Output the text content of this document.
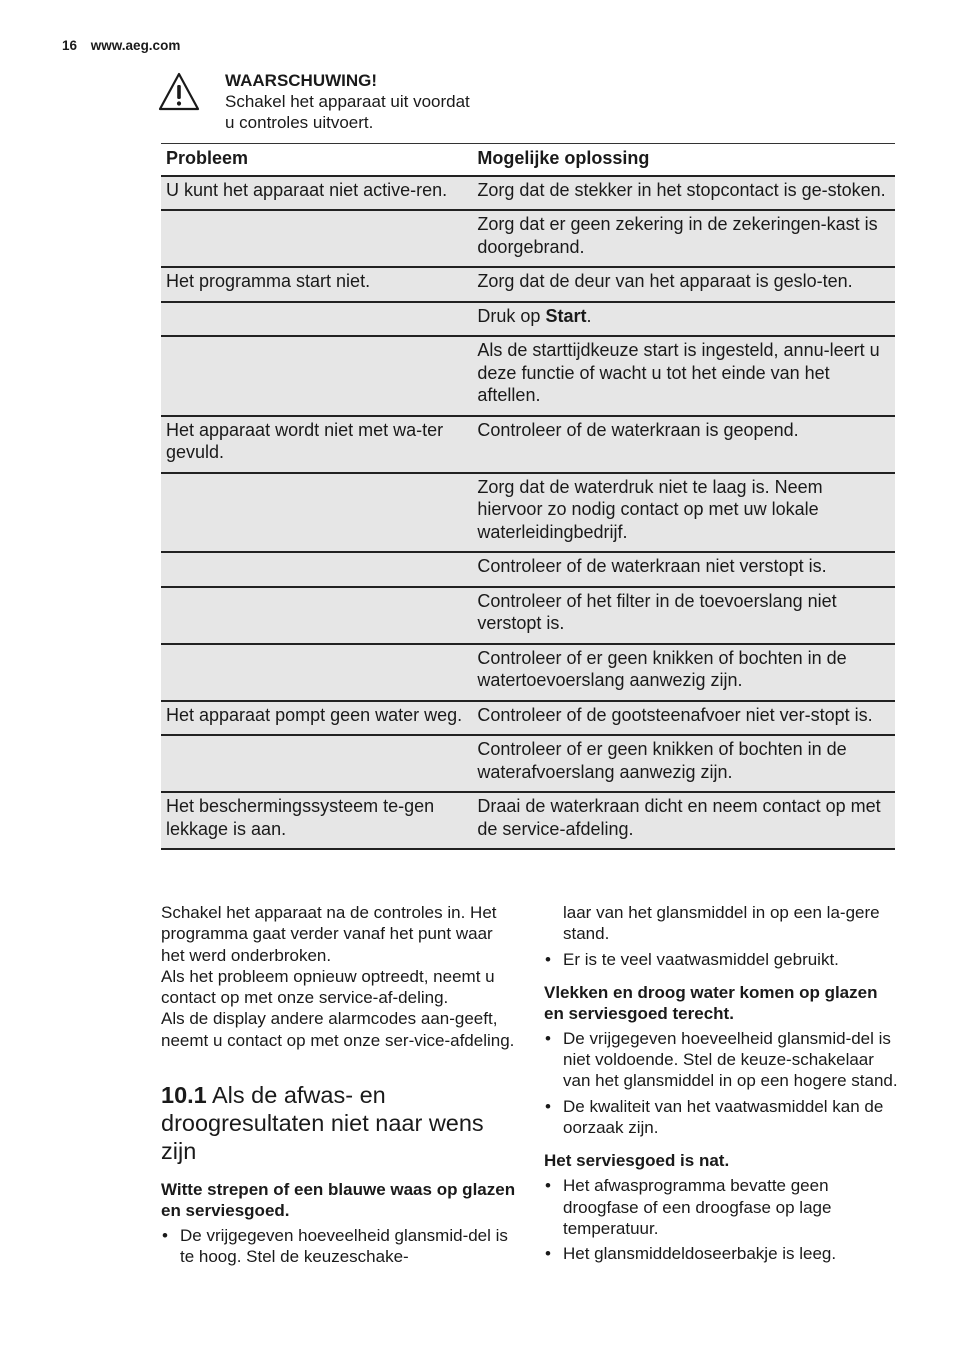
16 www.aeg.com
WAARSCHUWING!
Schakel het apparaat uit voordat
u controles uitvoert.
Probleem	Mogelijke oplossing
U kunt het apparaat niet active-ren.	Zorg dat de stekker in het stopcontact is ge-stoken.
	Zorg dat er geen zekering in de zekeringen-kast is doorgebrand.
Het programma start niet.	Zorg dat de deur van het apparaat is geslo-ten.
	Druk op Start.
	Als de starttijdkeuze start is ingesteld, annu-leert u deze functie of wacht u tot het einde van het aftellen.
Het apparaat wordt niet met wa-ter gevuld.	Controleer of de waterkraan is geopend.
	Zorg dat de waterdruk niet te laag is. Neem hiervoor zo nodig contact op met uw lokale waterleidingbedrijf.
	Controleer of de waterkraan niet verstopt is.
	Controleer of het filter in de toevoerslang niet verstopt is.
	Controleer of er geen knikken of bochten in de watertoevoerslang aanwezig zijn.
Het apparaat pompt geen water weg.	Controleer of de gootsteenafvoer niet ver-stopt is.
	Controleer of er geen knikken of bochten in de waterafvoerslang aanwezig zijn.
Het beschermingssysteem te-gen lekkage is aan.	Draai de waterkraan dicht en neem contact op met de service-afdeling.

Schakel het apparaat na de controles in. Het programma gaat verder vanaf het punt waar het werd onderbroken.

Als het probleem opnieuw optreedt, neemt u contact op met onze service-af-deling.

Als de display andere alarmcodes aan-geeft, neemt u contact op met onze ser-vice-afdeling.

10.1 Als de afwas- en droogresultaten niet naar wens zijn
Witte strepen of een blauwe waas op glazen en serviesgoed.
• De vrijgegeven hoeveelheid glansmid-del is te hoog. Stel de keuzeschake-

laar van het glansmiddel in op een la-gere stand.

• Er is te veel vaatwasmiddel gebruikt.
Vlekken en droog water komen op glazen en serviesgoed terecht.
• De vrijgegeven hoeveelheid glansmid-del is niet voldoende. Stel de keuze-schakelaar van het glansmiddel in op een hogere stand.
• De kwaliteit van het vaatwasmiddel kan de oorzaak zijn.
Het serviesgoed is nat.
• Het afwasprogramma bevatte geen droogfase of een droogfase op lage temperatuur.
• Het glansmiddeldoseerbakje is leeg.
